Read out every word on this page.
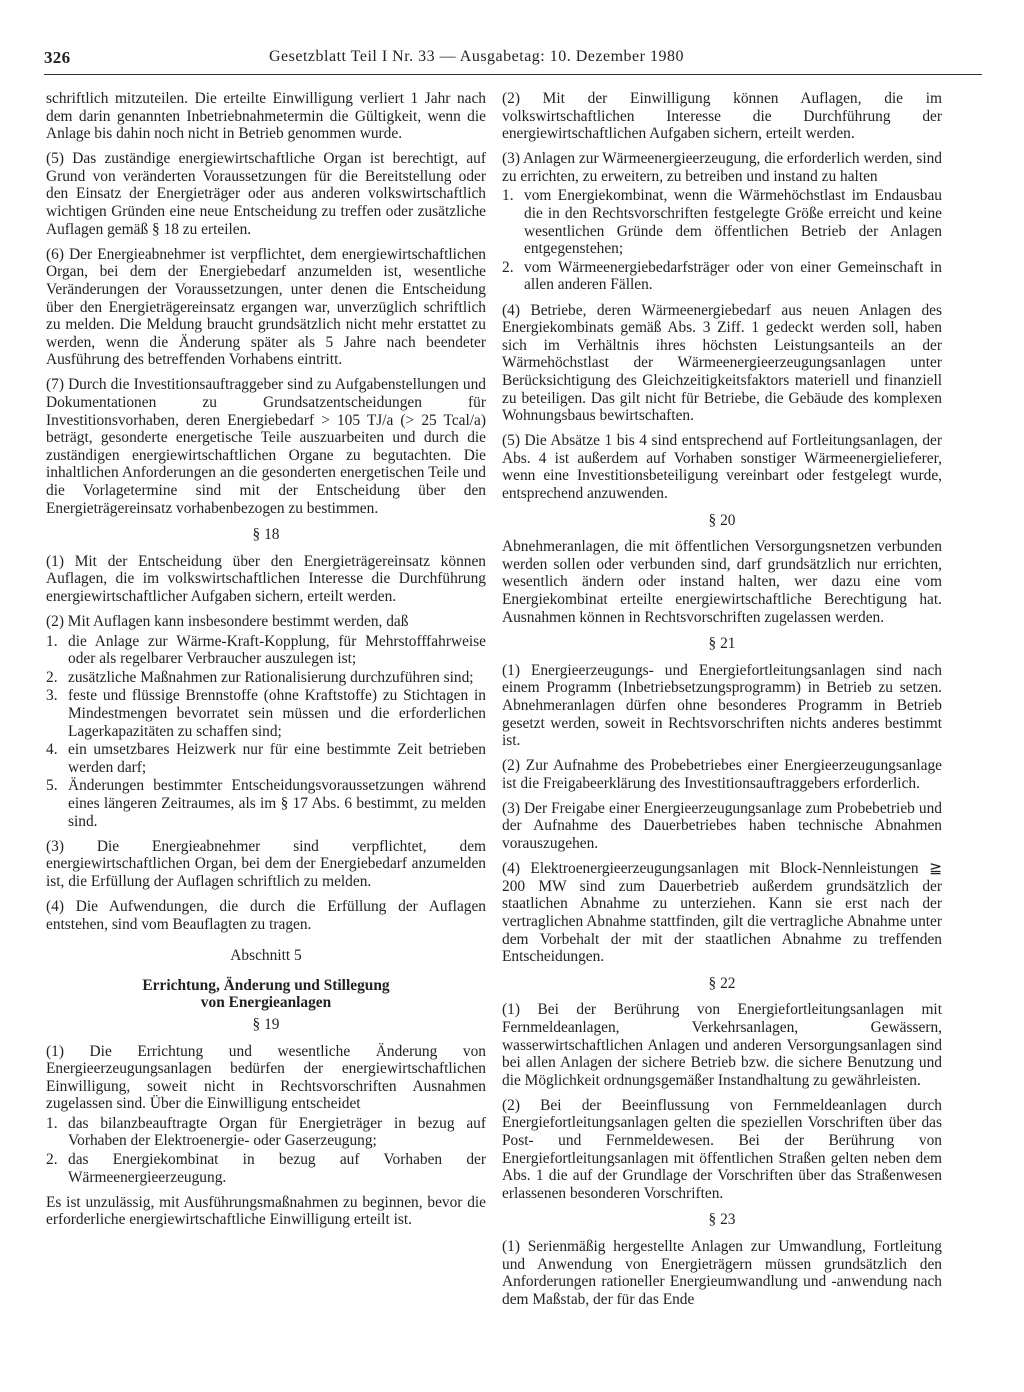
326	Gesetzblatt Teil I Nr. 33 — Ausgabetag: 10. Dezember 1980

schriftlich mitzuteilen. Die erteilte Einwilligung verliert 1 Jahr nach dem darin genannten Inbetriebnahmetermin die Gültigkeit, wenn die Anlage bis dahin noch nicht in Betrieb genommen wurde.

(5) Das zuständige energiewirtschaftliche Organ ist berechtigt, auf Grund von veränderten Voraussetzungen für die Bereitstellung oder den Einsatz der Energieträger oder aus anderen volkswirtschaftlich wichtigen Gründen eine neue Entscheidung zu treffen oder zusätzliche Auflagen gemäß § 18 zu erteilen.

(6) Der Energieabnehmer ist verpflichtet, dem energiewirtschaftlichen Organ, bei dem der Energiebedarf anzumelden ist, wesentliche Veränderungen der Voraussetzungen, unter denen die Entscheidung über den Energieträgereinsatz ergangen war, unverzüglich schriftlich zu melden. Die Meldung braucht grundsätzlich nicht mehr erstattet zu werden, wenn die Änderung später als 5 Jahre nach beendeter Ausführung des betreffenden Vorhabens eintritt.

(7) Durch die Investitionsauftraggeber sind zu Aufgabenstellungen und Dokumentationen zu Grundsatzentscheidungen für Investitionsvorhaben, deren Energiebedarf > 105 TJ/a (> 25 Tcal/a) beträgt, gesonderte energetische Teile auszuarbeiten und durch die zuständigen energiewirtschaftlichen Organe zu begutachten. Die inhaltlichen Anforderungen an die gesonderten energetischen Teile und die Vorlagetermine sind mit der Entscheidung über den Energieträgereinsatz vorhabenbezogen zu bestimmen.

§ 18

(1) Mit der Entscheidung über den Energieträgereinsatz können Auflagen, die im volkswirtschaftlichen Interesse die Durchführung energiewirtschaftlicher Aufgaben sichern, erteilt werden.

(2) Mit Auflagen kann insbesondere bestimmt werden, daß

1. die Anlage zur Wärme-Kraft-Kopplung, für Mehrstofffahrweise oder als regelbarer Verbraucher auszulegen ist;
2. zusätzliche Maßnahmen zur Rationalisierung durchzuführen sind;
3. feste und flüssige Brennstoffe (ohne Kraftstoffe) zu Stichtagen in Mindestmengen bevorratet sein müssen und die erforderlichen Lagerkapazitäten zu schaffen sind;
4. ein umsetzbares Heizwerk nur für eine bestimmte Zeit betrieben werden darf;
5. Änderungen bestimmter Entscheidungsvoraussetzungen während eines längeren Zeitraumes, als im § 17 Abs. 6 bestimmt, zu melden sind.

(3) Die Energieabnehmer sind verpflichtet, dem energiewirtschaftlichen Organ, bei dem der Energiebedarf anzumelden ist, die Erfüllung der Auflagen schriftlich zu melden.

(4) Die Aufwendungen, die durch die Erfüllung der Auflagen entstehen, sind vom Beauflagten zu tragen.

Abschnitt 5

Errichtung, Änderung und Stillegung

von Energieanlagen

§ 19

(1) Die Errichtung und wesentliche Änderung von Energieerzeugungsanlagen bedürfen der energiewirtschaftlichen Einwilligung, soweit nicht in Rechtsvorschriften Ausnahmen zugelassen sind. Über die Einwilligung entscheidet

1. das bilanzbeauftragte Organ für Energieträger in bezug auf Vorhaben der Elektroenergie- oder Gaserzeugung;
2. das Energiekombinat in bezug auf Vorhaben der Wärmeenergieerzeugung.

Es ist unzulässig, mit Ausführungsmaßnahmen zu beginnen, bevor die erforderliche energiewirtschaftliche Einwilligung erteilt ist.

(2) Mit der Einwilligung können Auflagen, die im volkswirtschaftlichen Interesse die Durchführung der energiewirtschaftlichen Aufgaben sichern, erteilt werden.

(3) Anlagen zur Wärmeenergieerzeugung, die erforderlich werden, sind zu errichten, zu erweitern, zu betreiben und instand zu halten

1. vom Energiekombinat, wenn die Wärmehöchstlast im Endausbau die in den Rechtsvorschriften festgelegte Größe erreicht und keine wesentlichen Gründe dem öffentlichen Betrieb der Anlagen entgegenstehen;
2. vom Wärmeenergiebedarfsträger oder von einer Gemeinschaft in allen anderen Fällen.

(4) Betriebe, deren Wärmeenergiebedarf aus neuen Anlagen des Energiekombinats gemäß Abs. 3 Ziff. 1 gedeckt werden soll, haben sich im Verhältnis ihres höchsten Leistungsanteils an der Wärmehöchstlast der Wärmeenergieerzeugungsanlagen unter Berücksichtigung des Gleichzeitigkeitsfaktors materiell und finanziell zu beteiligen. Das gilt nicht für Betriebe, die Gebäude des komplexen Wohnungsbaus bewirtschaften.

(5) Die Absätze 1 bis 4 sind entsprechend auf Fortleitungsanlagen, der Abs. 4 ist außerdem auf Vorhaben sonstiger Wärmeenergielieferer, wenn eine Investitionsbeteiligung vereinbart oder festgelegt wurde, entsprechend anzuwenden.

§ 20

Abnehmeranlagen, die mit öffentlichen Versorgungsnetzen verbunden werden sollen oder verbunden sind, darf grundsätzlich nur errichten, wesentlich ändern oder instand halten, wer dazu eine vom Energiekombinat erteilte energiewirtschaftliche Berechtigung hat. Ausnahmen können in Rechtsvorschriften zugelassen werden.

§ 21

(1) Energieerzeugungs- und Energiefortleitungsanlagen sind nach einem Programm (Inbetriebsetzungsprogramm) in Betrieb zu setzen. Abnehmeranlagen dürfen ohne besonderes Programm in Betrieb gesetzt werden, soweit in Rechtsvorschriften nichts anderes bestimmt ist.

(2) Zur Aufnahme des Probebetriebes einer Energieerzeugungsanlage ist die Freigabeerklärung des Investitionsauftraggebers erforderlich.

(3) Der Freigabe einer Energieerzeugungsanlage zum Probebetrieb und der Aufnahme des Dauerbetriebes haben technische Abnahmen vorauszugehen.

(4) Elektroenergieerzeugungsanlagen mit Block-Nennleistungen ≧ 200 MW sind zum Dauerbetrieb außerdem grundsätzlich der staatlichen Abnahme zu unterziehen. Kann sie erst nach der vertraglichen Abnahme stattfinden, gilt die vertragliche Abnahme unter dem Vorbehalt der mit der staatlichen Abnahme zu treffenden Entscheidungen.

§ 22

(1) Bei der Berührung von Energiefortleitungsanlagen mit Fernmeldeanlagen, Verkehrsanlagen, Gewässern, wasserwirtschaftlichen Anlagen und anderen Versorgungsanlagen sind bei allen Anlagen der sichere Betrieb bzw. die sichere Benutzung und die Möglichkeit ordnungsgemäßer Instandhaltung zu gewährleisten.

(2) Bei der Beeinflussung von Fernmeldeanlagen durch Energiefortleitungsanlagen gelten die speziellen Vorschriften über das Post- und Fernmeldewesen. Bei der Berührung von Energiefortleitungsanlagen mit öffentlichen Straßen gelten neben dem Abs. 1 die auf der Grundlage der Vorschriften über das Straßenwesen erlassenen besonderen Vorschriften.

§ 23

(1) Serienmäßig hergestellte Anlagen zur Umwandlung, Fortleitung und Anwendung von Energieträgern müssen grundsätzlich den Anforderungen rationeller Energieumwandlung und -anwendung nach dem Maßstab, der für das Ende
